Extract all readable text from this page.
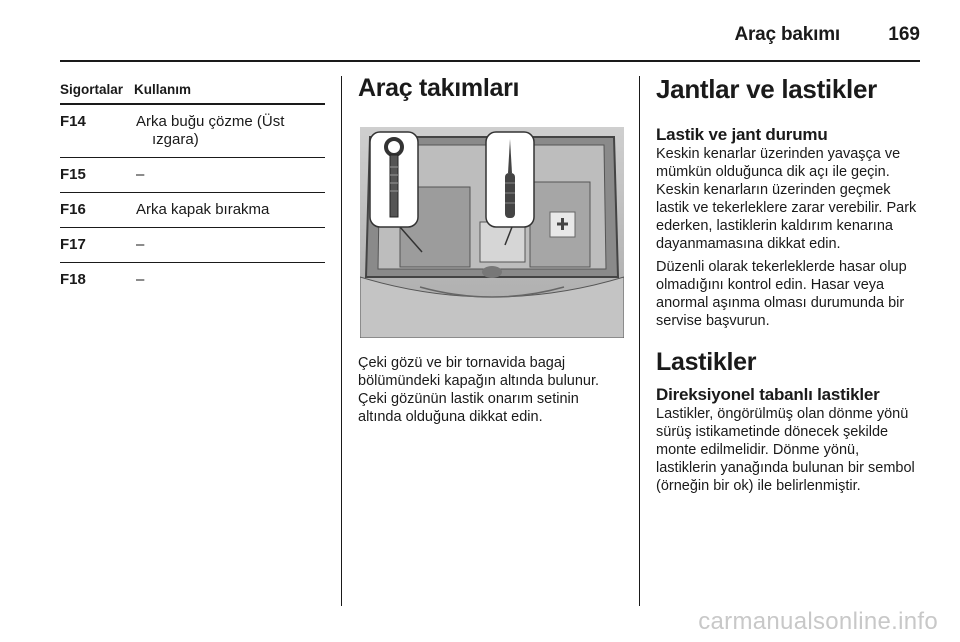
Araç bakımı	169
Sigortalar Kullanım
F14	Arka buğu çözme (Üst ızgara)
F15	–
F16	Arka kapak bırakma
F17	–
F18	–
Araç takımları

Çeki gözü ve bir tornavida bagaj bölümündeki kapağın altında bulunur. Çeki gözünün lastik onarım setinin altında olduğuna dikkat edin.

Jantlar ve lastikler
Lastik ve jant durumu

Keskin kenarlar üzerinden yavaşça ve mümkün olduğunca dik açı ile geçin. Keskin kenarların üzerinden geçmek lastik ve tekerleklere zarar verebilir. Park ederken, lastiklerin kaldırım kenarına dayanmamasına dikkat edin.

Düzenli olarak tekerleklerde hasar olup olmadığını kontrol edin. Hasar veya anormal aşınma olması durumunda bir servise başvurun.

Lastikler
Direksiyonel tabanlı lastikler

Lastikler, öngörülmüş olan dönme yönü sürüş istikametinde dönecek şekilde monte edilmelidir. Dönme yönü, lastiklerin yanağında bulunan bir sembol (örneğin bir ok) ile belirlenmiştir.

carmanualsonline.info
